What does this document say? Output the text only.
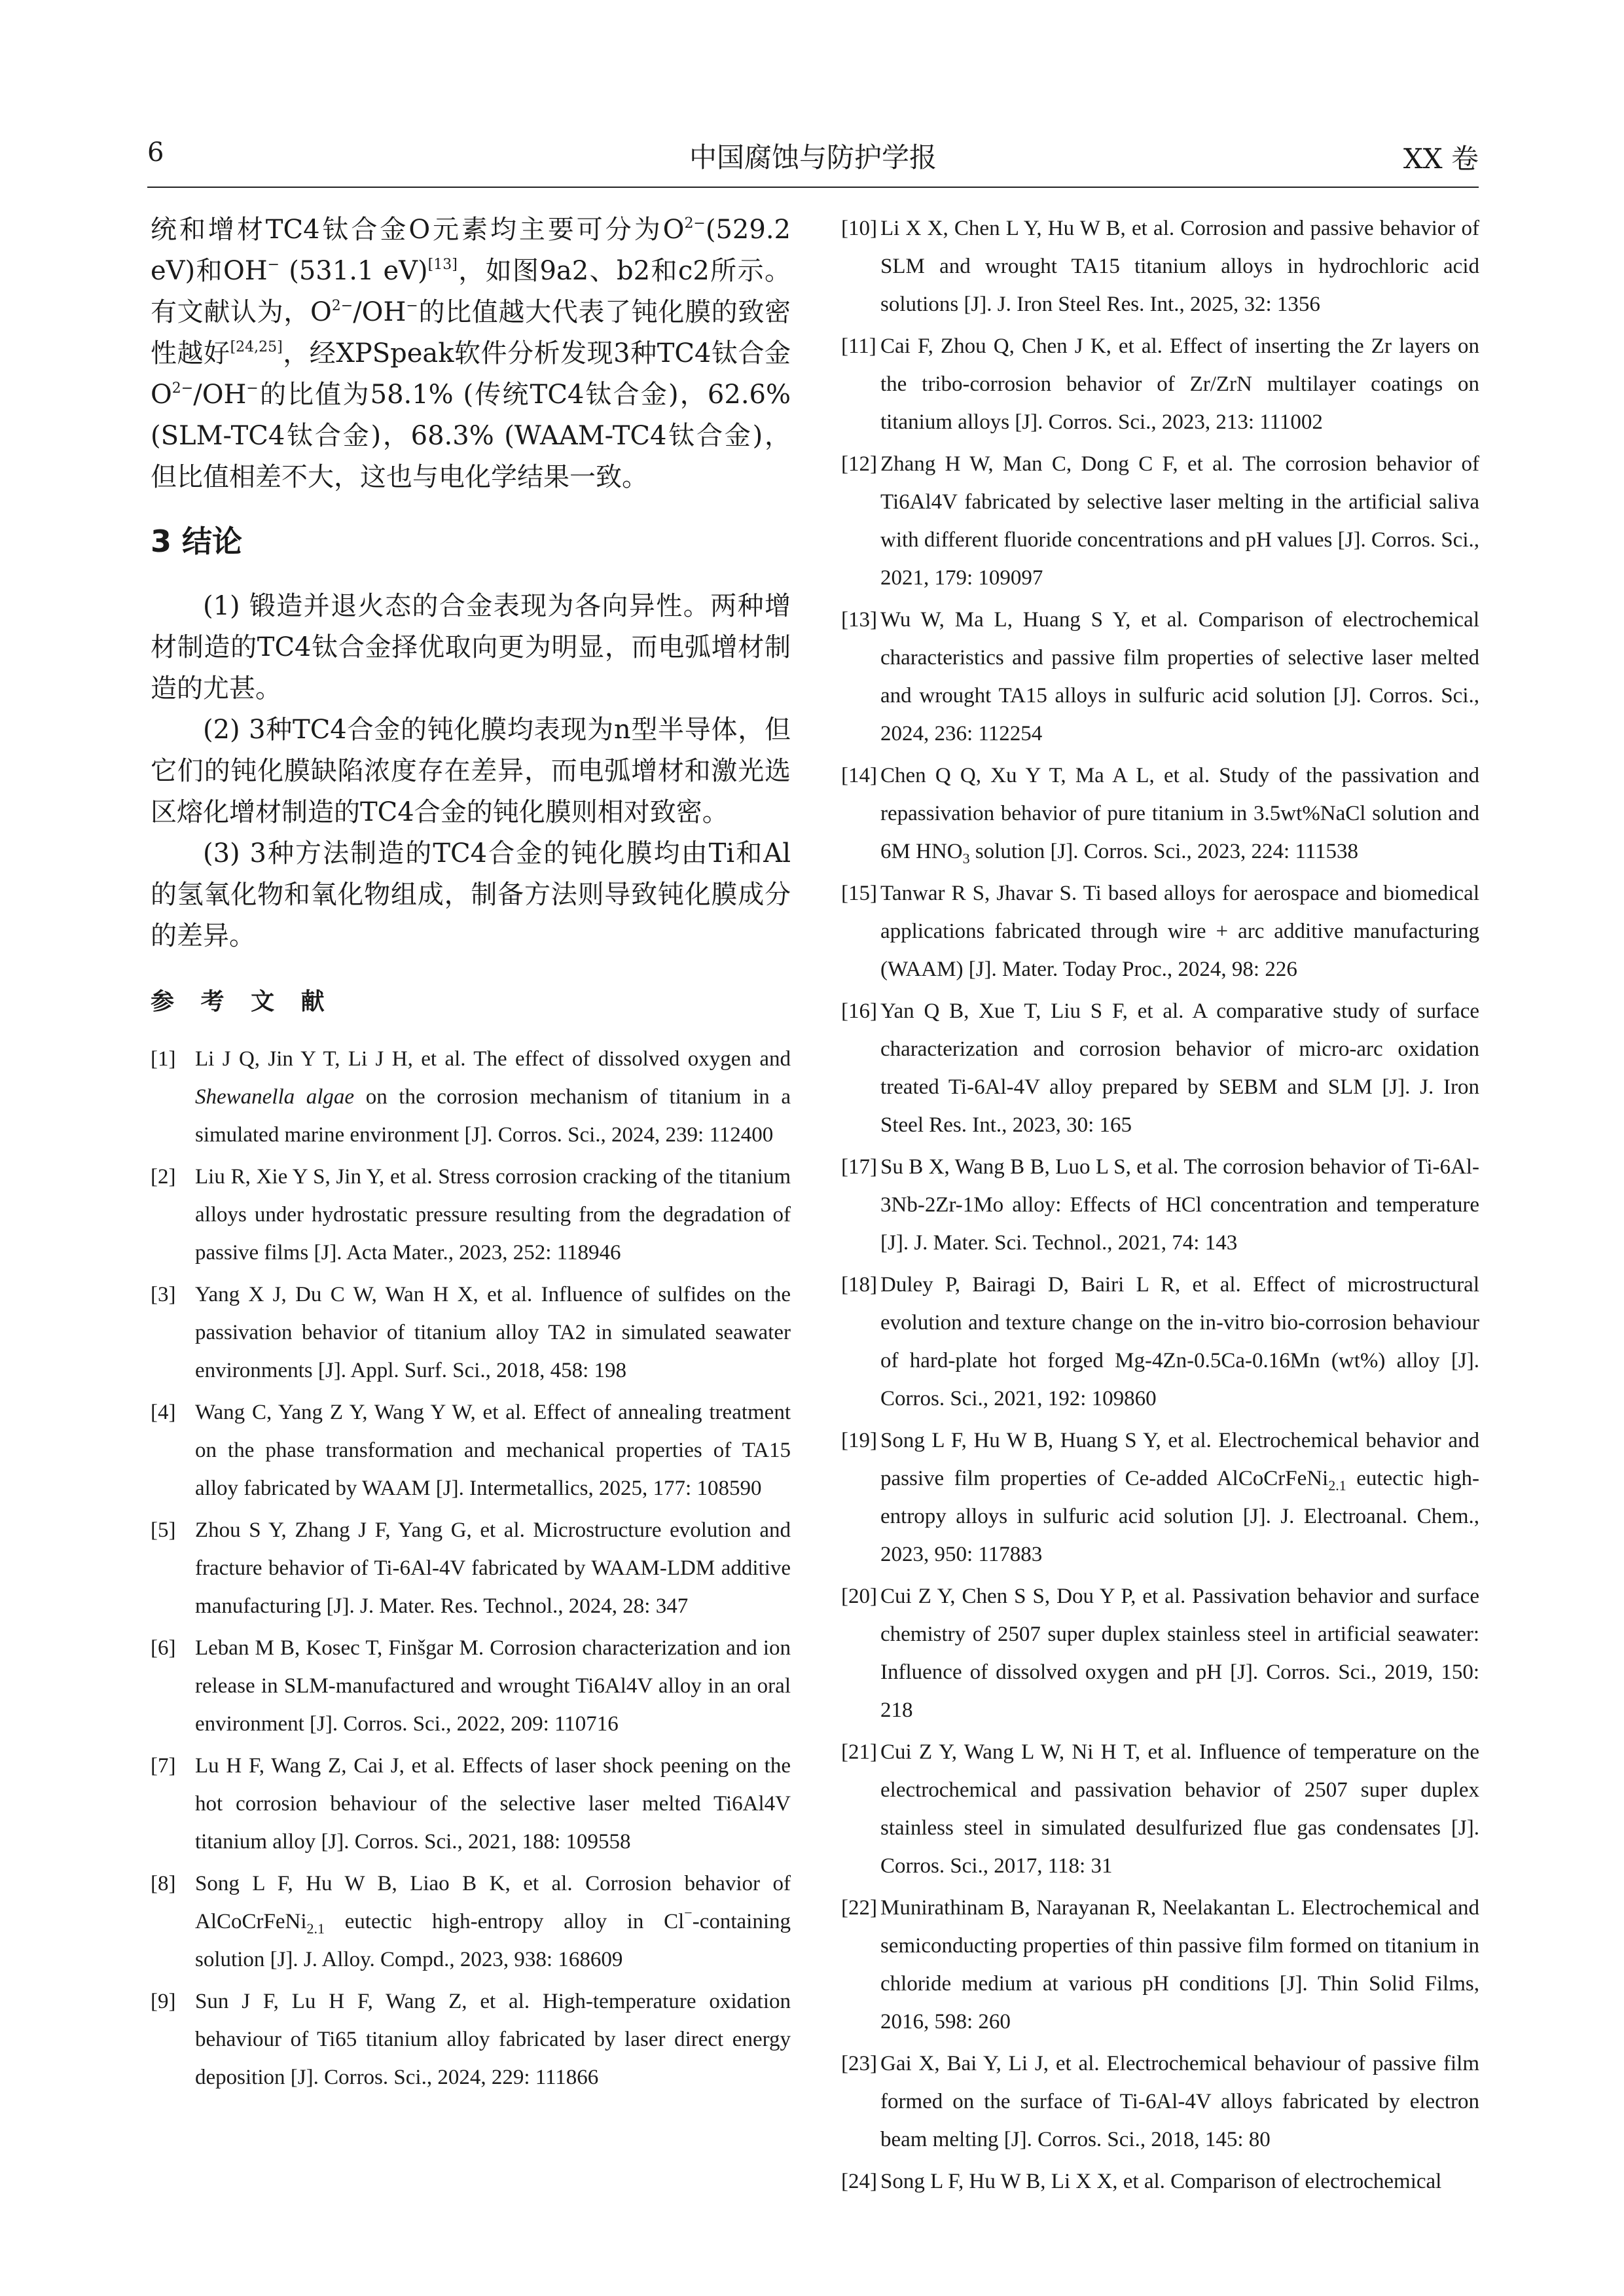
6	中国腐蚀与防护学报	XX 卷

统和增材TC4钛合金O元素均主要可分为$O^{2-}(529.2$ eV)和OH− (531.1 eV)[13]，如图9a2、b2和c2所示。有文献认为，$O^{2-}/OH^-$的比值越大代表了钝化膜的致密性越好[24,25]，经XPSpeak软件分析发现3种TC4钛合金$O^{2-}/OH^-$的比值为58.1% (传统TC4钛合金)，62.6% (SLM-TC4钛合金)，68.3% (WAAM-TC4钛合金)，但比值相差不大，这也与电化学结果一致。

3 结论

(1) 锻造并退火态的合金表现为各向异性。两种增材制造的TC4钛合金择优取向更为明显，而电弧增材制造的尤甚。

(2) 3种TC4合金的钝化膜均表现为n型半导体，但它们的钝化膜缺陷浓度存在差异，而电弧增材和激光选区熔化增材制造的TC4合金的钝化膜则相对致密。

(3) 3种方法制造的TC4合金的钝化膜均由Ti和Al的氢氧化物和氧化物组成，制备方法则导致钝化膜成分的差异。

参 考 文 献

[1] Li J Q, Jin Y T, Li J H, et al. The effect of dissolved oxygen and Shewanella algae on the corrosion mechanism of titanium in a simulated marine environment [J]. Corros. Sci., 2024, 239: 112400

[2] Liu R, Xie Y S, Jin Y, et al. Stress corrosion cracking of the titanium alloys under hydrostatic pressure resulting from the degradation of passive films [J]. Acta Mater., 2023, 252: 118946

[3] Yang X J, Du C W, Wan H X, et al. Influence of sulfides on the passivation behavior of titanium alloy TA2 in simulated seawater environments [J]. Appl. Surf. Sci., 2018, 458: 198

[4] Wang C, Yang Z Y, Wang Y W, et al. Effect of annealing treatment on the phase transformation and mechanical properties of TA15 alloy fabricated by WAAM [J]. Intermetallics, 2025, 177: 108590

[5] Zhou S Y, Zhang J F, Yang G, et al. Microstructure evolution and fracture behavior of Ti-6Al-4V fabricated by WAAM-LDM additive manufacturing [J]. J. Mater. Res. Technol., 2024, 28: 347

[6] Leban M B, Kosec T, Finšgar M. Corrosion characterization and ion release in SLM-manufactured and wrought Ti6Al4V alloy in an oral environment [J]. Corros. Sci., 2022, 209: 110716

[7] Lu H F, Wang Z, Cai J, et al. Effects of laser shock peening on the hot corrosion behaviour of the selective laser melted Ti6Al4V titanium alloy [J]. Corros. Sci., 2021, 188: 109558

[8] Song L F, Hu W B, Liao B K, et al. Corrosion behavior of AlCoCrFeNi$_{2.1}$ eutectic high-entropy alloy in Cl−-containing solution [J]. J. Alloy. Compd., 2023, 938: 168609

[9] Sun J F, Lu H F, Wang Z, et al. High-temperature oxidation behaviour of Ti65 titanium alloy fabricated by laser direct energy deposition [J]. Corros. Sci., 2024, 229: 111866

[10] Li X X, Chen L Y, Hu W B, et al. Corrosion and passive behavior of SLM and wrought TA15 titanium alloys in hydrochloric acid solutions [J]. J. Iron Steel Res. Int., 2025, 32: 1356

[11] Cai F, Zhou Q, Chen J K, et al. Effect of inserting the Zr layers on the tribo-corrosion behavior of Zr/ZrN multilayer coatings on titanium alloys [J]. Corros. Sci., 2023, 213: 111002

[12] Zhang H W, Man C, Dong C F, et al. The corrosion behavior of Ti6Al4V fabricated by selective laser melting in the artificial saliva with different fluoride concentrations and pH values [J]. Corros. Sci., 2021, 179: 109097

[13] Wu W, Ma L, Huang S Y, et al. Comparison of electrochemical characteristics and passive film properties of selective laser melted and wrought TA15 alloys in sulfuric acid solution [J]. Corros. Sci., 2024, 236: 112254

[14] Chen Q Q, Xu Y T, Ma A L, et al. Study of the passivation and repassivation behavior of pure titanium in 3.5wt%NaCl solution and 6M $HNO_3$ solution [J]. Corros. Sci., 2023, 224: 111538

[15] Tanwar R S, Jhavar S. Ti based alloys for aerospace and biomedical applications fabricated through wire + arc additive manufacturing (WAAM) [J]. Mater. Today Proc., 2024, 98: 226

[16] Yan Q B, Xue T, Liu S F, et al. A comparative study of surface characterization and corrosion behavior of micro-arc oxidation treated Ti-6Al-4V alloy prepared by SEBM and SLM [J]. J. Iron Steel Res. Int., 2023, 30: 165

[17] Su B X, Wang B B, Luo L S, et al. The corrosion behavior of Ti-6Al-3Nb-2Zr-1Mo alloy: Effects of HCl concentration and temperature [J]. J. Mater. Sci. Technol., 2021, 74: 143

[18] Duley P, Bairagi D, Bairi L R, et al. Effect of microstructural evolution and texture change on the in-vitro bio-corrosion behaviour of hard-plate hot forged Mg-4Zn-0.5Ca-0.16Mn (wt%) alloy [J]. Corros. Sci., 2021, 192: 109860

[19] Song L F, Hu W B, Huang S Y, et al. Electrochemical behavior and passive film properties of Ce-added AlCoCrFeNi$_{2.1}$ eutectic high-entropy alloys in sulfuric acid solution [J]. J. Electroanal. Chem., 2023, 950: 117883

[20] Cui Z Y, Chen S S, Dou Y P, et al. Passivation behavior and surface chemistry of 2507 super duplex stainless steel in artificial seawater: Influence of dissolved oxygen and pH [J]. Corros. Sci., 2019, 150: 218

[21] Cui Z Y, Wang L W, Ni H T, et al. Influence of temperature on the electrochemical and passivation behavior of 2507 super duplex stainless steel in simulated desulfurized flue gas condensates [J]. Corros. Sci., 2017, 118: 31

[22] Munirathinam B, Narayanan R, Neelakantan L. Electrochemical and semiconducting properties of thin passive film formed on titanium in chloride medium at various pH conditions [J]. Thin Solid Films, 2016, 598: 260

[23] Gai X, Bai Y, Li J, et al. Electrochemical behaviour of passive film formed on the surface of Ti-6Al-4V alloys fabricated by electron beam melting [J]. Corros. Sci., 2018, 145: 80

[24] Song L F, Hu W B, Li X X, et al. Comparison of electrochemical
